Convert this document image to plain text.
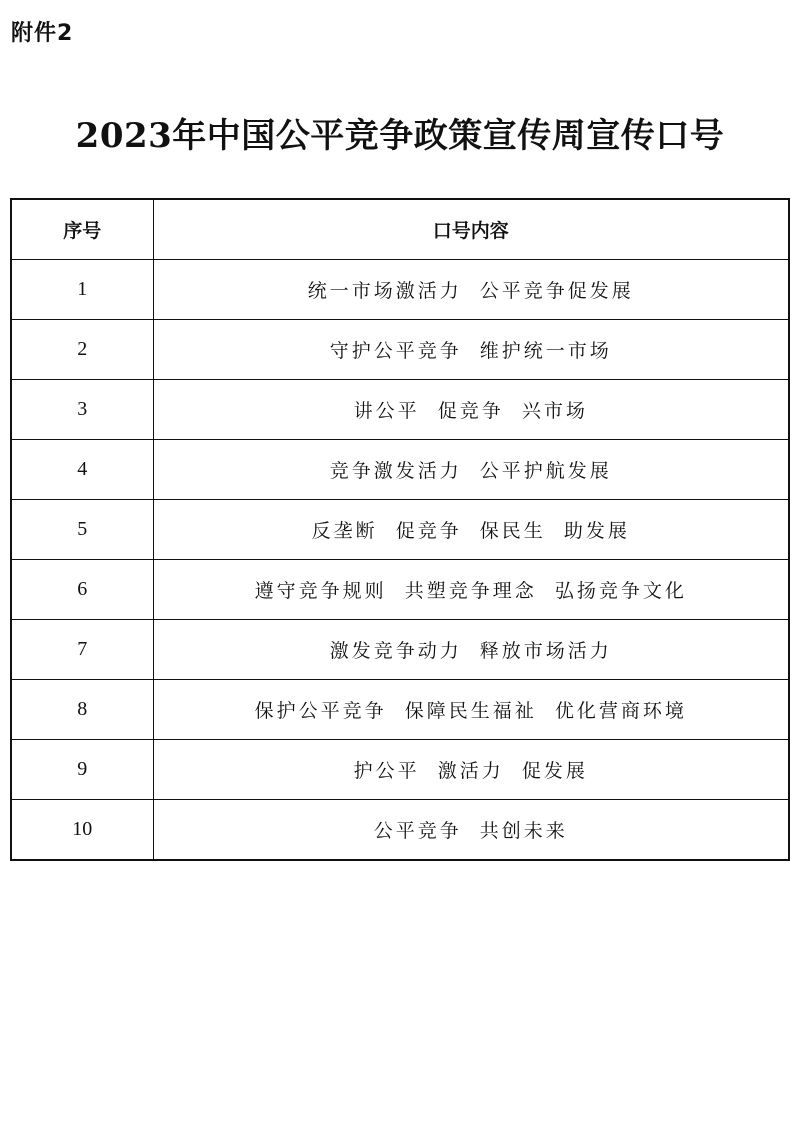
附件2
2023年中国公平竞争政策宣传周宣传口号
序号	口号内容
1	统一市场激活力  公平竞争促发展
2	守护公平竞争  维护统一市场
3	讲公平  促竞争  兴市场
4	竞争激发活力  公平护航发展
5	反垄断  促竞争  保民生  助发展
6	遵守竞争规则  共塑竞争理念  弘扬竞争文化
7	激发竞争动力  释放市场活力
8	保护公平竞争  保障民生福祉  优化营商环境
9	护公平  激活力  促发展
10	公平竞争  共创未来
